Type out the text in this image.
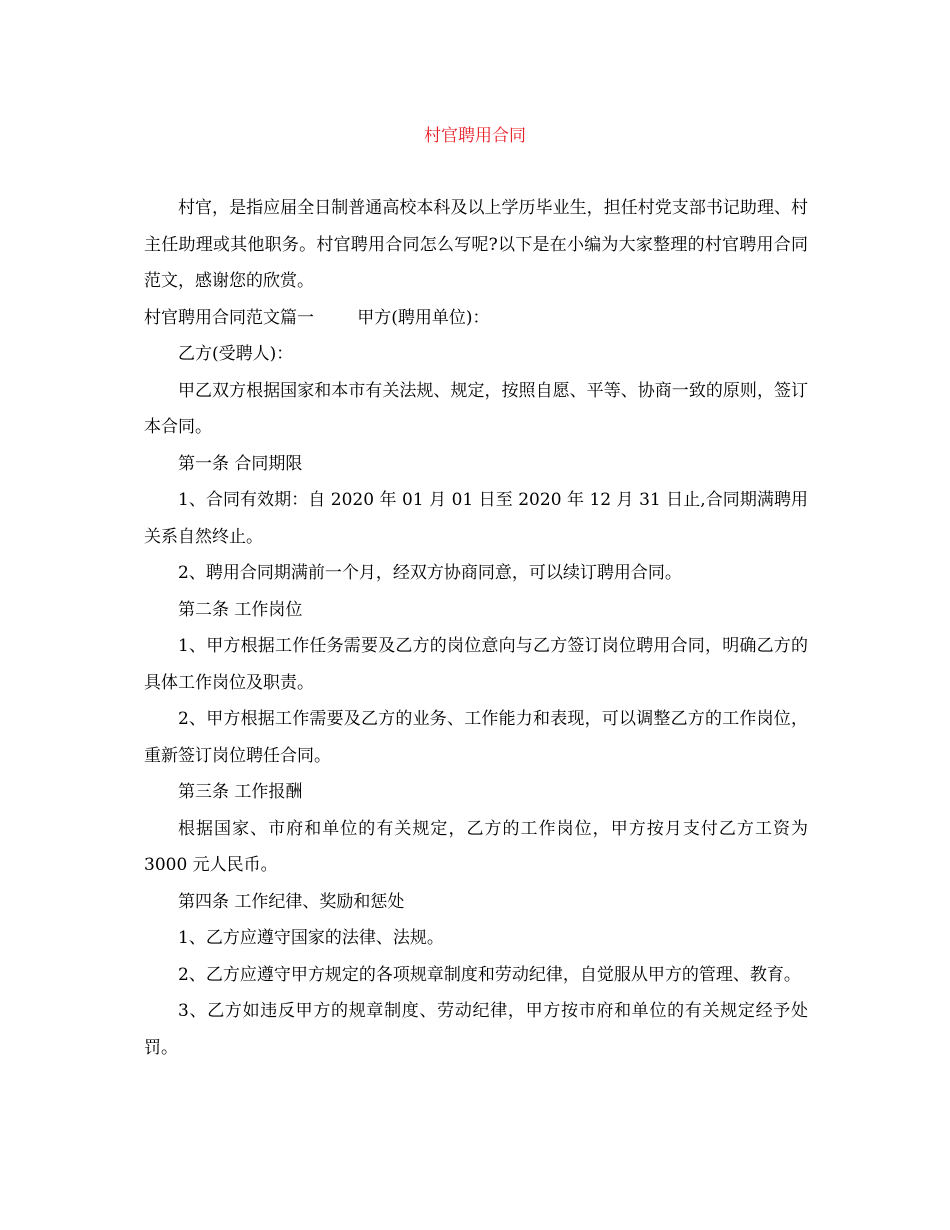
村官聘用合同

村官，是指应届全日制普通高校本科及以上学历毕业生，担任村党支部书记助理、村主任助理或其他职务。村官聘用合同怎么写呢?以下是在小编为大家整理的村官聘用合同范文，感谢您的欣赏。

村官聘用合同范文篇一        甲方(聘用单位)：

乙方(受聘人)：

甲乙双方根据国家和本市有关法规、规定，按照自愿、平等、协商一致的原则，签订本合同。

第一条 合同期限

1、合同有效期：自 2020 年 01 月 01 日至 2020 年 12 月 31 日止,合同期满聘用关系自然终止。

2、聘用合同期满前一个月，经双方协商同意，可以续订聘用合同。

第二条 工作岗位

1、甲方根据工作任务需要及乙方的岗位意向与乙方签订岗位聘用合同，明确乙方的具体工作岗位及职责。

2、甲方根据工作需要及乙方的业务、工作能力和表现，可以调整乙方的工作岗位，重新签订岗位聘任合同。

第三条 工作报酬

根据国家、市府和单位的有关规定，乙方的工作岗位，甲方按月支付乙方工资为 3000 元人民币。

第四条 工作纪律、奖励和惩处

1、乙方应遵守国家的法律、法规。

2、乙方应遵守甲方规定的各项规章制度和劳动纪律，自觉服从甲方的管理、教育。

3、乙方如违反甲方的规章制度、劳动纪律，甲方按市府和单位的有关规定经予处罚。
